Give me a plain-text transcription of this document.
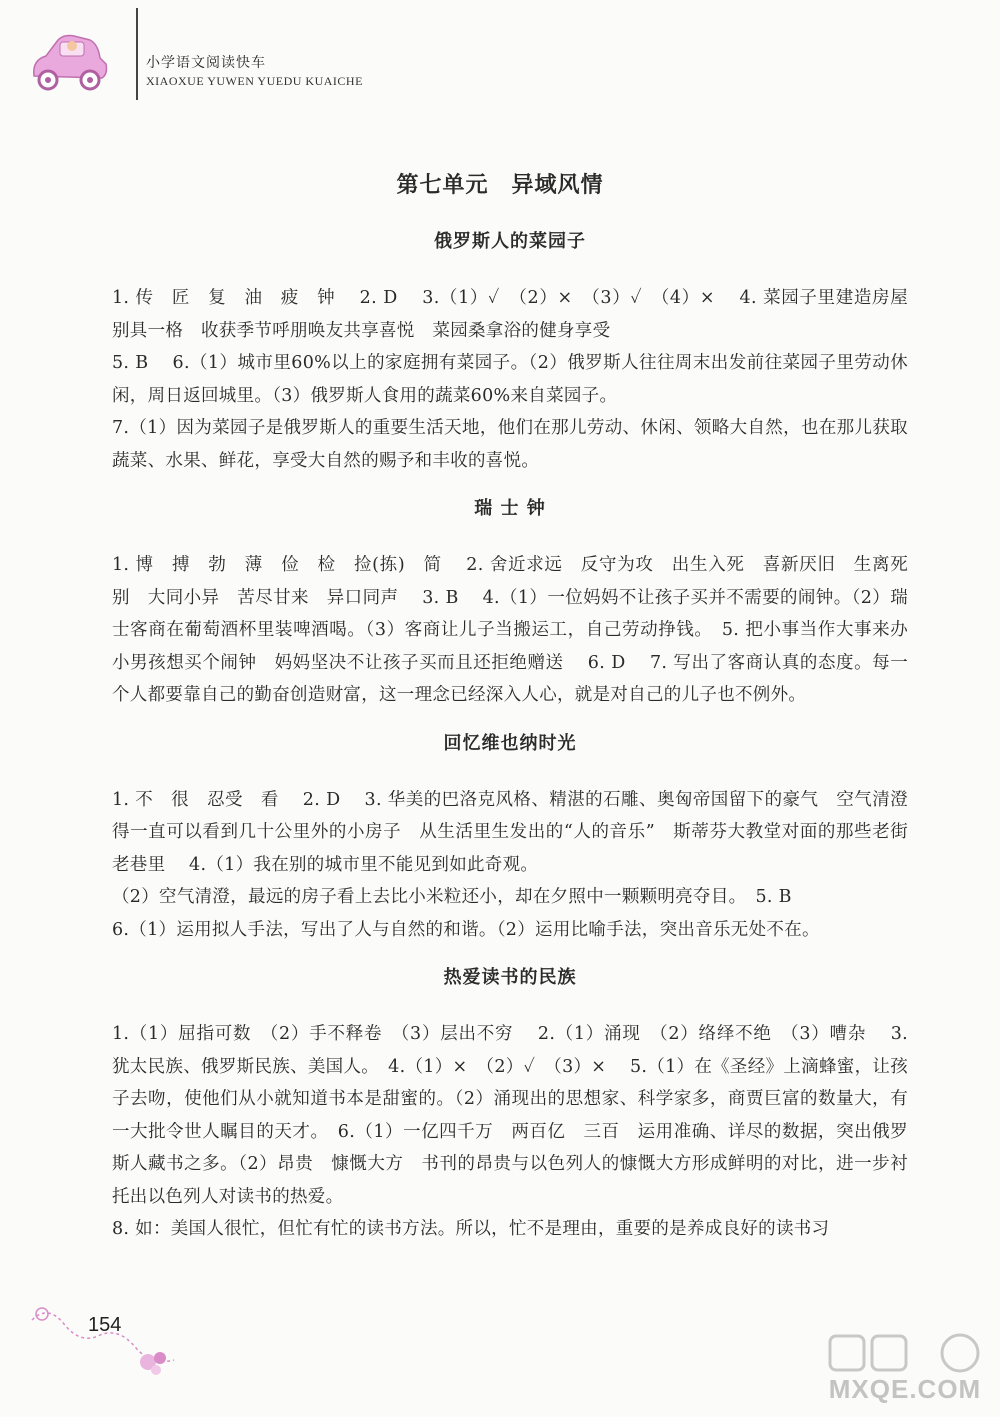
小学语文阅读快车
XIAOXUE YUWEN YUEDU KUAICHE
第七单元　异域风情
俄罗斯人的菜园子

1. 传　匠　复　油　疲　钟　 2. D　 3.（1）✓　（2）×　（3）✓　（4）×　 4. 菜园子里建造房屋别具一格　收获季节呼朋唤友共享喜悦　菜园桑拿浴的健身享受

5. B　 6.（1）城市里60%以上的家庭拥有菜园子。（2）俄罗斯人往往周末出发前往菜园子里劳动休闲，周日返回城里。（3）俄罗斯人食用的蔬菜60%来自菜园子。

7.（1）因为菜园子是俄罗斯人的重要生活天地，他们在那儿劳动、休闲、领略大自然，也在那儿获取蔬菜、水果、鲜花，享受大自然的赐予和丰收的喜悦。

瑞 士 钟

1. 博　搏　勃　薄　俭　检　捡(拣)　简　 2. 舍近求远　反守为攻　出生入死　喜新厌旧　生离死别　大同小异　苦尽甘来　异口同声　 3. B　 4.（1）一位妈妈不让孩子买并不需要的闹钟。（2）瑞士客商在葡萄酒杯里装啤酒喝。（3）客商让儿子当搬运工，自己劳动挣钱。　5. 把小事当作大事来办　小男孩想买个闹钟　妈妈坚决不让孩子买而且还拒绝赠送　 6. D　 7. 写出了客商认真的态度。每一个人都要靠自己的勤奋创造财富，这一理念已经深入人心，就是对自己的儿子也不例外。

回忆维也纳时光

1. 不　很　忍受　看　 2. D　 3. 华美的巴洛克风格、精湛的石雕、奥匈帝国留下的豪气　空气清澄得一直可以看到几十公里外的小房子　从生活里生发出的“人的音乐”　斯蒂芬大教堂对面的那些老街老巷里　 4.（1）我在别的城市里不能见到如此奇观。

（2）空气清澄，最远的房子看上去比小米粒还小，却在夕照中一颗颗明亮夺目。　5. B

6.（1）运用拟人手法，写出了人与自然的和谐。（2）运用比喻手法，突出音乐无处不在。

热爱读书的民族

1.（1）屈指可数　（2）手不释卷　（3）层出不穷　 2.（1）涌现　（2）络绎不绝　（3）嘈杂　 3. 犹太民族、俄罗斯民族、美国人。　4.（1）×　（2）✓　（3）×　 5.（1）在《圣经》上滴蜂蜜，让孩子去吻，使他们从小就知道书本是甜蜜的。（2）涌现出的思想家、科学家多，商贾巨富的数量大，有一大批令世人瞩目的天才。　6.（1）一亿四千万　两百亿　三百　运用准确、详尽的数据，突出俄罗斯人藏书之多。（2）昂贵　慷慨大方　书刊的昂贵与以色列人的慷慨大方形成鲜明的对比，进一步衬托出以色列人对读书的热爱。

8. 如：美国人很忙，但忙有忙的读书方法。所以，忙不是理由，重要的是养成良好的读书习

154
MXQE.COM
